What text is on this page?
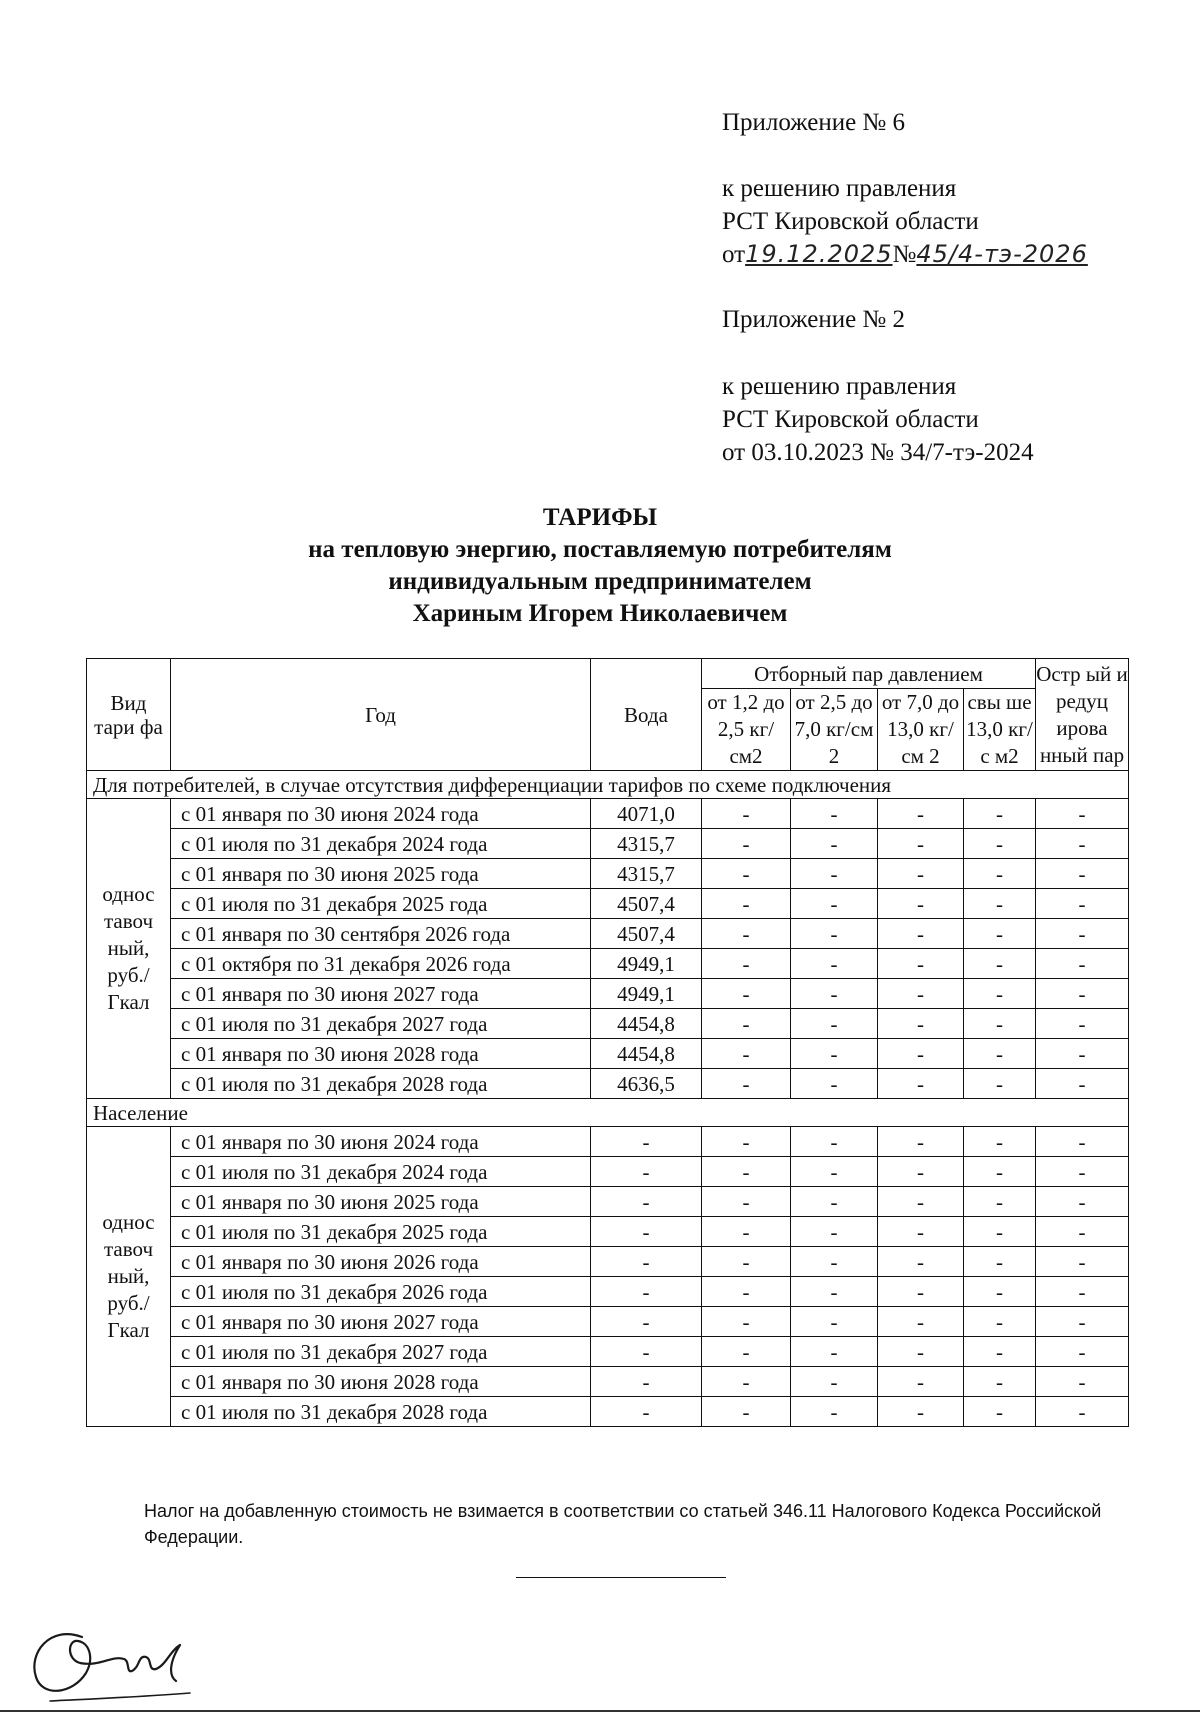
Приложение № 6
к решению правления
РСТ Кировской области
от19.12.2025№45/4-тэ-2026
Приложение № 2
к решению правления
РСТ Кировской области
от 03.10.2023 № 34/7-тэ-2024
ТАРИФЫ
на тепловую энергию, поставляемую потребителям
индивидуальным предпринимателем
Хариным Игорем Николаевичем
Вид тари фа	Год	Вода	Отборный пар давлением				Остр ый и редуц ирова нный пар
			от 1,2 до 2,5 кг/см2	от 2,5 до 7,0 кг/см 2	от 7,0 до 13,0 кг/см 2	свы ше 13,0 кг/с м2	
Для потребителей, в случае отсутствия дифференциации тарифов по схеме подключения							
однос тавоч ный, руб./ Гкал	с 01 января по 30 июня 2024 года	4071,0	-	-	-	-	-
	с 01 июля по 31 декабря 2024 года	4315,7	-	-	-	-	-
	с 01 января по 30 июня 2025 года	4315,7	-	-	-	-	-
	с 01 июля по 31 декабря 2025 года	4507,4	-	-	-	-	-
	с 01 января по 30 сентября 2026 года	4507,4	-	-	-	-	-
	с 01 октября по 31 декабря 2026 года	4949,1	-	-	-	-	-
	с 01 января по 30 июня 2027 года	4949,1	-	-	-	-	-
	с 01 июля по 31 декабря 2027 года	4454,8	-	-	-	-	-
	с 01 января по 30 июня 2028 года	4454,8	-	-	-	-	-
	с 01 июля по 31 декабря 2028 года	4636,5	-	-	-	-	-
Население							
однос тавоч ный, руб./ Гкал	с 01 января по 30 июня 2024 года	-	-	-	-	-	-
	с 01 июля по 31 декабря 2024 года	-	-	-	-	-	-
	с 01 января по 30 июня 2025 года	-	-	-	-	-	-
	с 01 июля по 31 декабря 2025 года	-	-	-	-	-	-
	с 01 января по 30 июня 2026 года	-	-	-	-	-	-
	с 01 июля по 31 декабря 2026 года	-	-	-	-	-	-
	с 01 января по 30 июня 2027 года	-	-	-	-	-	-
	с 01 июля по 31 декабря 2027 года	-	-	-	-	-	-
	с 01 января по 30 июня 2028 года	-	-	-	-	-	-
	с 01 июля по 31 декабря 2028 года	-	-	-	-	-	-
Налог на добавленную стоимость не взимается в соответствии со статьей 346.11 Налогового Кодекса Российской Федерации.
